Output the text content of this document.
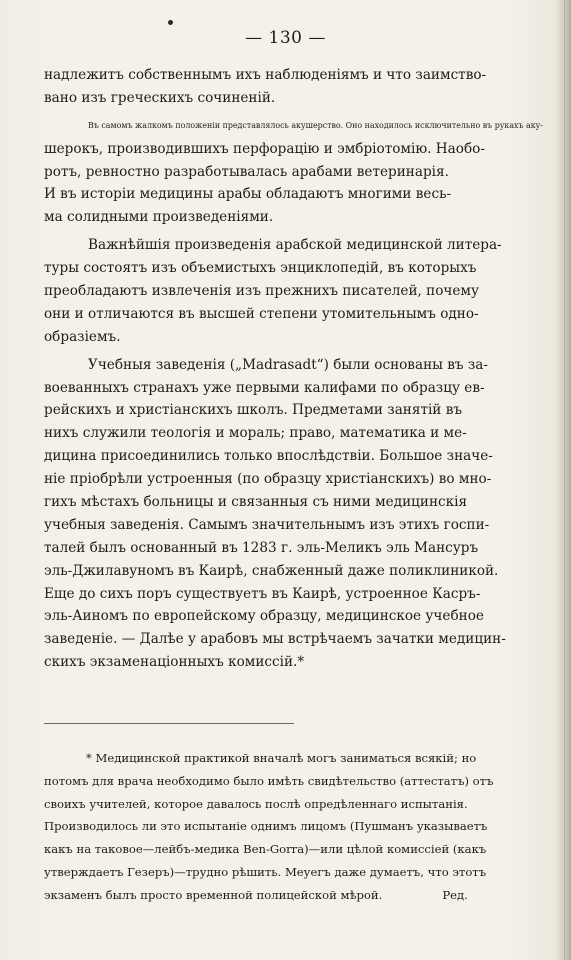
— 130 —
надлежитъ собственнымъ ихъ наблюденіямъ и что заимство-
вано изъ греческихъ сочиненій.
Въ самомъ жалкомъ положеніи представлялось акушерство. Оно находилось исключительно въ рукахъ аку-
шерокъ, производившихъ перфорацію и эмбріотомію. Наобо-
ротъ, ревностно разработывалась арабами ветеринарія.
И въ исторіи медицины арабы обладаютъ многими весь-
ма солидными произведеніями.
Важнѣйшія произведенія арабской медицинской литера-
туры состоятъ изъ объемистыхъ энциклопедій, въ которыхъ
преобладаютъ извлеченія изъ прежнихъ писателей, почему
они и отличаются въ высшей степени утомительнымъ одно-
образіемъ.
Учебныя заведенія („Madrasadt“) были основаны въ за-
воеванныхъ странахъ уже первыми калифами по образцу ев-
рейскихъ и христіанскихъ школъ. Предметами занятій въ
нихъ служили теологія и мораль; право, математика и ме-
дицина присоединились только впослѣдствіи. Большое значе-
ніе пріобрѣли устроенныя (по образцу христіанскихъ) во мно-
гихъ мѣстахъ больницы и связанныя съ ними медицинскія
учебныя заведенія. Самымъ значительнымъ изъ этихъ госпи-
талей былъ основанный въ 1283 г. эль-Меликъ эль Мансуръ
эль-Джилавуномъ въ Каирѣ, снабженный даже поликлиникой.
Еще до сихъ поръ существуетъ въ Каирѣ, устроенное Касръ-
эль-Аиномъ по европейскому образцу, медицинское учебное
заведеніе. — Далѣе у арабовъ мы встрѣчаемъ зачатки медицин-
скихъ экзаменаціонныхъ комиссій.*
* Медицинской практикой вначалѣ могъ заниматься всякій; но
потомъ для врача необходимо было имѣть свидѣтельство (аттестатъ) отъ
своихъ учителей, которое давалось послѣ опредѣленнаго испытанія.
Производилось ли это испытаніе однимъ лицомъ (Пушманъ указываетъ
какъ на таковое—лейбъ-медика Ben-Gorra)—или цѣлой комиссіей (какъ
утверждаетъ Гезеръ)—трудно рѣшить. Меуегъ даже думаетъ, что этотъ
экзаменъ былъ просто временной полицейской мѣрой.	Ред.
